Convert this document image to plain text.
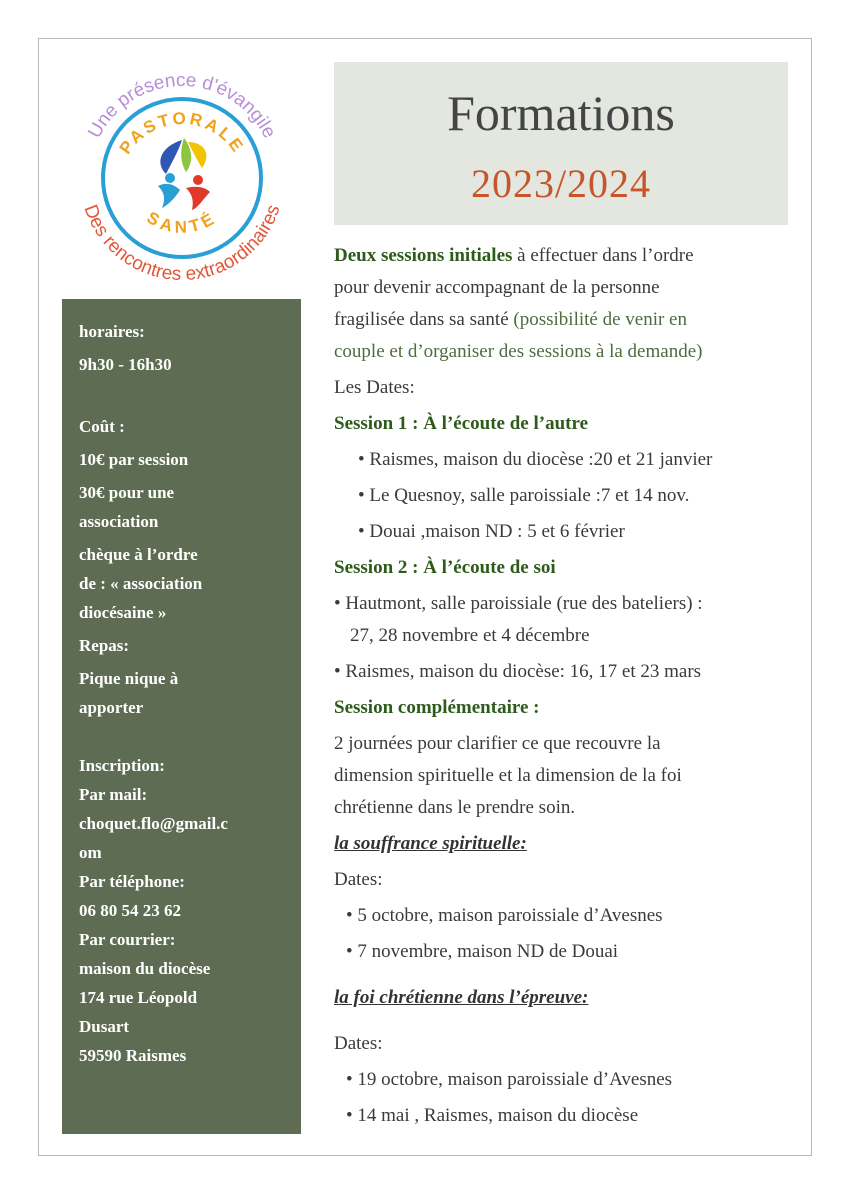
Une présence d'évangile
Des rencontres extraordinaires
PASTORALE
SANTÉ
horaires:
9h30 - 16h30
Coût :
10€ par session
30€ pour une
association
chèque à l’ordre
de : « association
diocésaine »
Repas:
Pique nique à
apporter
Inscription:
Par mail:
choquet.flo@gmail.c
om
Par téléphone:
06 80 54 23 62
Par courrier:
maison du diocèse
174 rue Léopold
Dusart
59590 Raismes
Formations
2023/2024
Deux sessions initiales à effectuer dans l’ordre
pour devenir accompagnant de la personne
fragilisée dans sa santé (possibilité de venir en
couple et d’organiser des sessions à la demande)
Les Dates:
Session 1 : À l’écoute de l’autre
• Raismes, maison du diocèse :20 et 21 janvier
• Le Quesnoy, salle paroissiale :7 et 14 nov.
• Douai ,maison ND : 5 et 6 février
Session 2 : À l’écoute de soi
• Hautmont, salle paroissiale (rue des bateliers) :
27, 28 novembre et 4 décembre
• Raismes, maison du diocèse: 16, 17 et 23 mars
Session complémentaire :
2 journées pour clarifier ce que recouvre la
dimension spirituelle et la dimension de la foi
chrétienne dans le prendre soin.
la souffrance spirituelle:
Dates:
• 5 octobre, maison paroissiale d’Avesnes
• 7 novembre, maison ND de Douai
la foi chrétienne dans l’épreuve:
Dates:
• 19 octobre, maison paroissiale d’Avesnes
• 14 mai , Raismes, maison du diocèse
